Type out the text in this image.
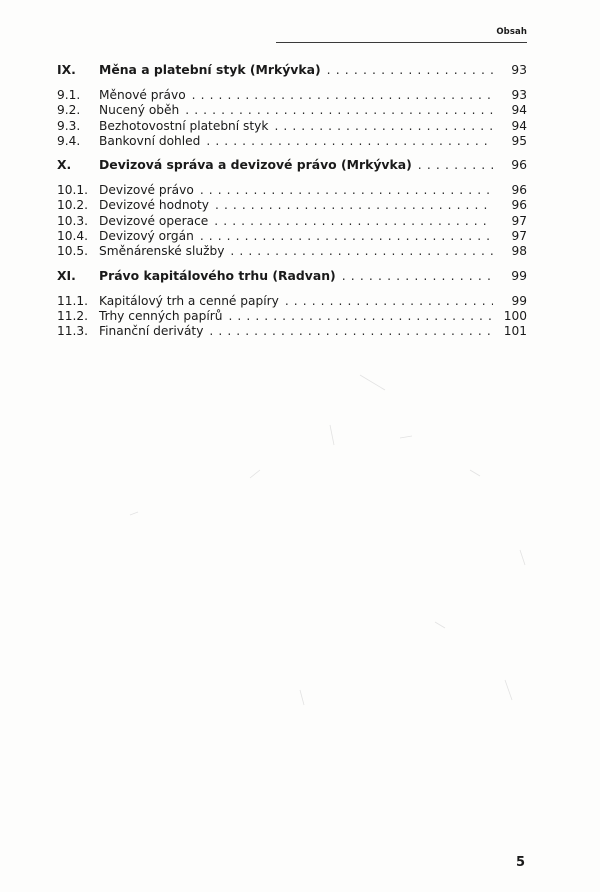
Obsah
IX.	Měna a platební styk (Mrkývka) . . .	93
9.1.	Měnové právo . . .	93
9.2.	Nucený oběh . . .	94
9.3.	Bezhotovostní platební styk . . .	94
9.4.	Bankovní dohled . . .	95
X.	Devizová správa a devizové právo (Mrkývka) . . .	96
10.1. Devizové právo . . .	96
10.2. Devizové hodnoty . . .	96
10.3. Devizové operace . . .	97
10.4. Devizový orgán . . .	97
10.5. Směnárenské služby . . .	98
XI.	Právo kapitálového trhu (Radvan) . . .	99
11.1. Kapitálový trh a cenné papíry . . .	99
11.2. Trhy cenných papírů . . .	100
11.3. Finanční deriváty . . .	101
5
